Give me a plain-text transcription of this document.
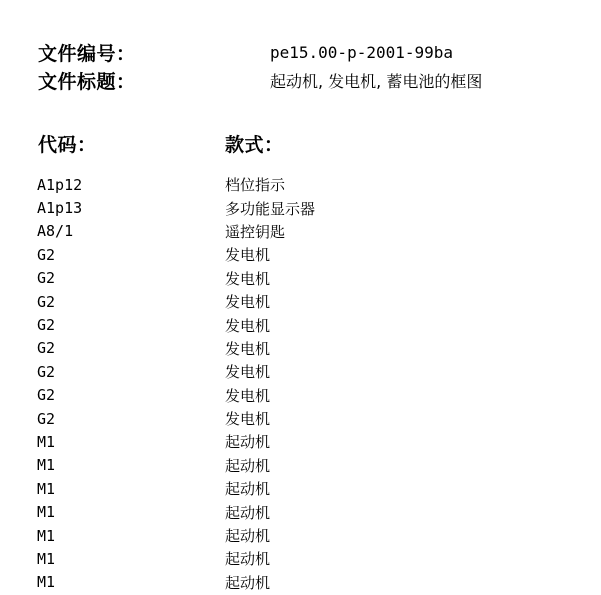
文件编号：	pe15.00-p-2001-99ba
文件标题：	起动机, 发电机, 蓄电池的框图
代码：	款式：
A1p12	档位指示
A1p13	多功能显示器
A8/1	遥控钥匙
G2	发电机
G2	发电机
G2	发电机
G2	发电机
G2	发电机
G2	发电机
G2	发电机
G2	发电机
M1	起动机
M1	起动机
M1	起动机
M1	起动机
M1	起动机
M1	起动机
M1	起动机
